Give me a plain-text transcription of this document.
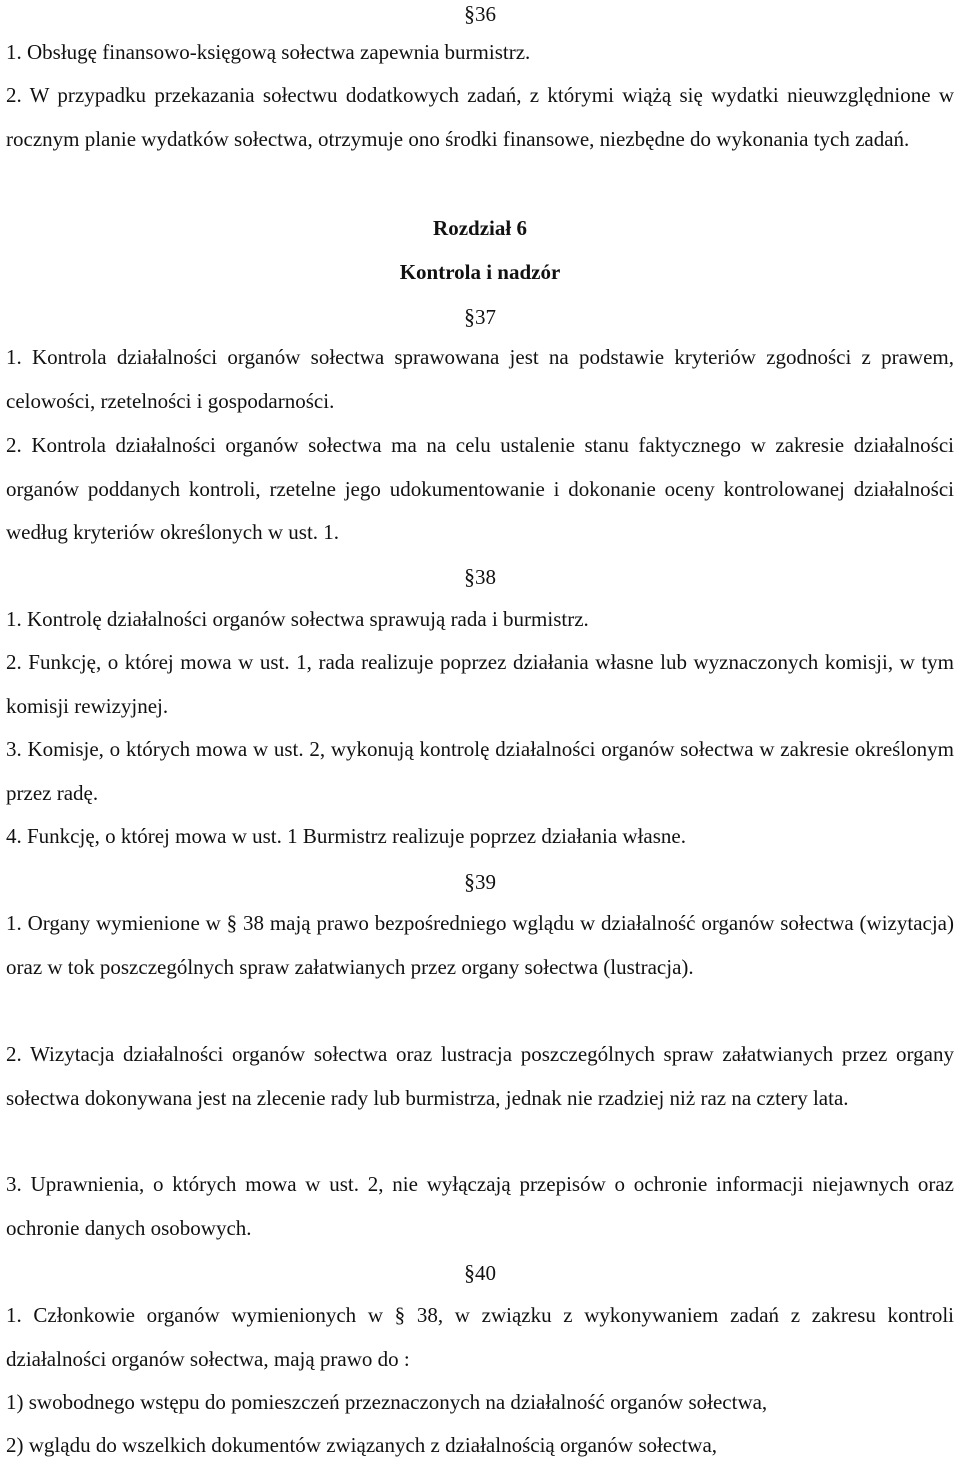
§36

1. Obsługę finansowo-księgową sołectwa zapewnia burmistrz.

2. W przypadku przekazania sołectwu dodatkowych zadań, z którymi wiążą się wydatki nieuwzględnione w rocznym planie wydatków sołectwa, otrzymuje ono środki finansowe, niezbędne do wykonania tych zadań.

Rozdział 6
Kontrola i nadzór
§37

1. Kontrola działalności organów sołectwa sprawowana jest na podstawie kryteriów zgodności z prawem, celowości, rzetelności i gospodarności.

2. Kontrola działalności organów sołectwa ma na celu ustalenie stanu faktycznego w zakresie działalności organów poddanych kontroli, rzetelne jego udokumentowanie i dokonanie oceny kontrolowanej działalności według kryteriów określonych w ust. 1.

§38

1. Kontrolę działalności organów sołectwa sprawują rada i burmistrz.

2. Funkcję, o której mowa w ust. 1, rada realizuje poprzez działania własne lub wyznaczonych komisji, w tym komisji rewizyjnej.

3. Komisje, o których mowa w ust. 2, wykonują kontrolę działalności organów sołectwa w zakresie określonym przez radę.

4. Funkcję, o której mowa w ust. 1 Burmistrz realizuje poprzez działania własne.

§39

1. Organy wymienione w § 38 mają prawo bezpośredniego wglądu w działalność organów sołectwa (wizytacja) oraz w tok poszczególnych spraw załatwianych przez organy sołectwa (lustracja).

2. Wizytacja działalności organów sołectwa oraz lustracja poszczególnych spraw załatwianych przez organy sołectwa dokonywana jest na zlecenie rady lub burmistrza, jednak nie rzadziej niż raz na cztery lata.

3. Uprawnienia, o których mowa w ust. 2, nie wyłączają przepisów o ochronie informacji niejawnych oraz ochronie danych osobowych.

§40

1. Członkowie organów wymienionych w § 38, w związku z wykonywaniem zadań z zakresu kontroli działalności organów sołectwa, mają prawo do :

1) swobodnego wstępu do pomieszczeń przeznaczonych na działalność organów sołectwa,

2) wglądu do wszelkich dokumentów związanych z działalnością organów sołectwa,
